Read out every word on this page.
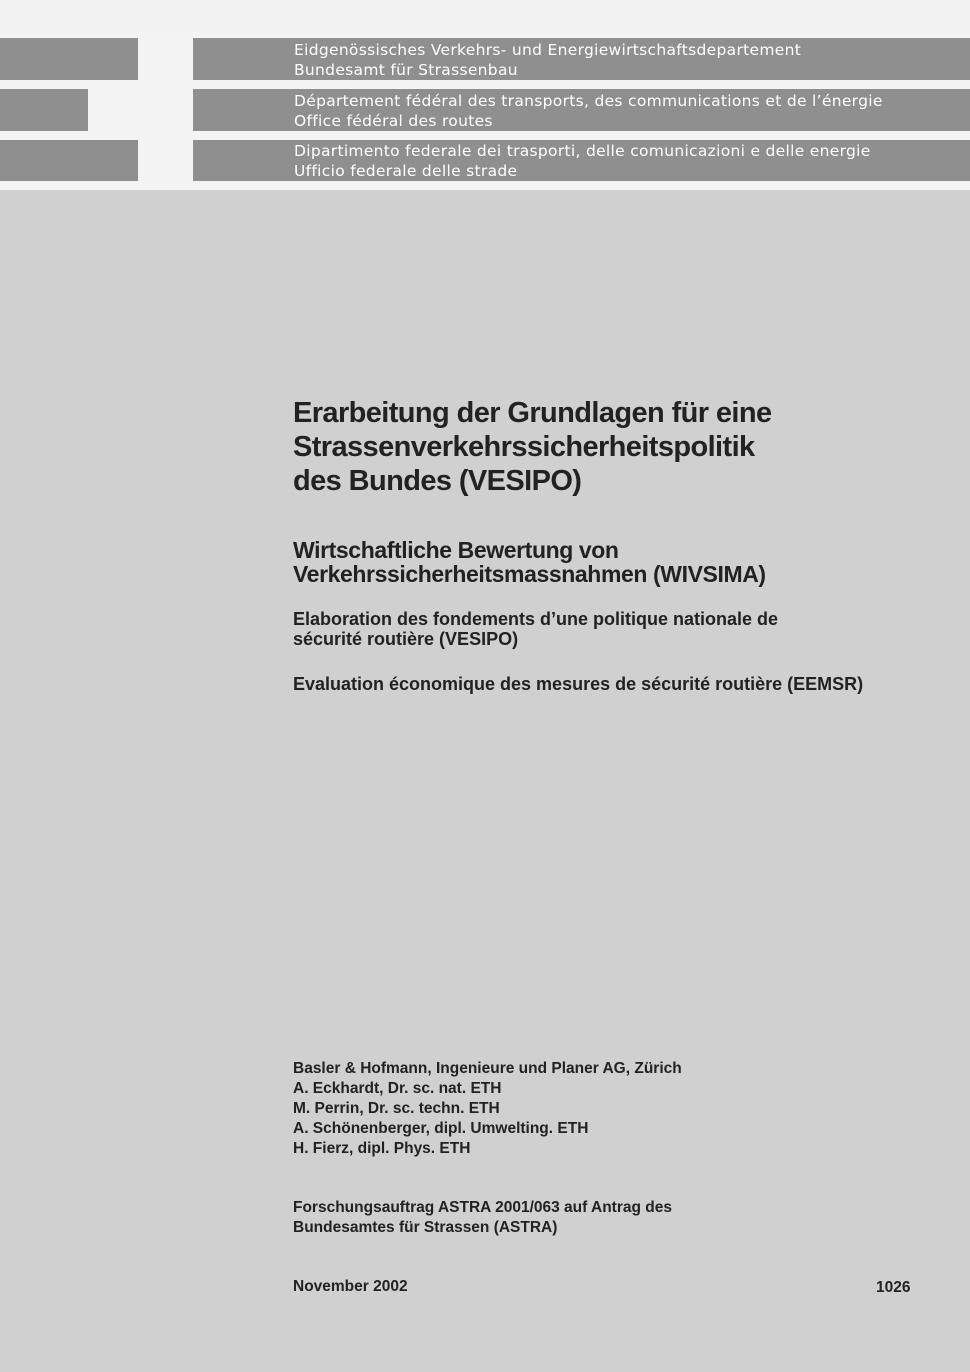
Eidgenössisches Verkehrs- und Energiewirtschaftsdepartement
Bundesamt für Strassenbau
Département fédéral des transports, des communications et de l’énergie
Office fédéral des routes
Dipartimento federale dei trasporti, delle comunicazioni e delle energie
Ufficio federale delle strade
Erarbeitung der Grundlagen für eine
Strassenverkehrssicherheitspolitik
des Bundes (VESIPO)
Wirtschaftliche Bewertung von
Verkehrssicherheitsmassnahmen (WIVSIMA)
Elaboration des fondements d’une politique nationale de
sécurité routière (VESIPO)
Evaluation économique des mesures de sécurité routière (EEMSR)
Basler & Hofmann, Ingenieure und Planer AG, Zürich
A. Eckhardt, Dr. sc. nat. ETH
M. Perrin, Dr. sc. techn. ETH
A. Schönenberger, dipl. Umwelting. ETH
H. Fierz, dipl. Phys. ETH
Forschungsauftrag ASTRA 2001/063 auf Antrag des
Bundesamtes für Strassen (ASTRA)
November 2002	1026
